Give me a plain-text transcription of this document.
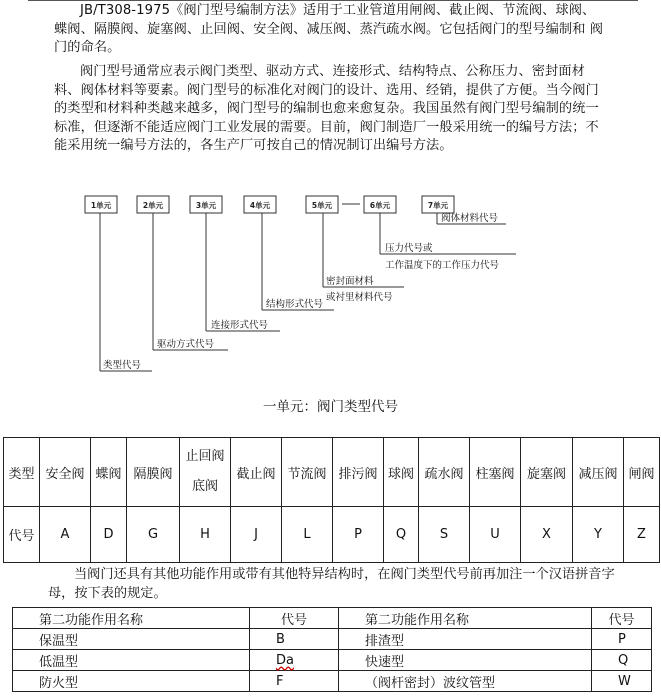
JB/T308-1975《阀门型号编制方法》适用于工业管道用闸阀、截止阀、节流阀、球阀、 蝶阀、隔膜阀、旋塞阀、止回阀、安全阀、减压阀、蒸汽疏水阀。它包括阀门的型号编制和 阀门的命名。

阀门型号通常应表示阀门类型、驱动方式、连接形式、结构特点、公称压力、密封面材料、阀体材料等要素。阀门型号的标准化对阀门的设计、选用、经销，提供了方便。当今阀门的类型和材料种类越来越多，阀门型号的编制也愈来愈复杂。我国虽然有阀门型号编制的统一标准，但逐渐不能适应阀门工业发展的需要。目前，阀门制造厂一般采用统一的编号方法；不能采用统一编号方法的，各生产厂可按自己的情况制订出编号方法。

1单元	2单元	3单元	4单元	5单元	6单元	7单元
类型代号
驱动方式代号
连接形式代号
结构形式代号
密封面材料
或衬里材料代号
压力代号或
工作温度下的工作压力代号
阀体材料代号
一单元：阀门类型代号
类型	安全阀	蝶阀	隔膜阀	止回阀
底阀	截止阀	节流阀	排污阀	球阀	疏水阀	柱塞阀	旋塞阀	减压阀	闸阀
代号	A	D	G	H	J	L	P	Q	S	U	X	Y	Z

当阀门还具有其他功能作用或带有其他特异结构时，在阀门类型代号前再加注一个汉语拼音字母，按下表的规定。

第二功能作用名称	代号	第二功能作用名称	代号
保温型	B	排渣型	P
低温型	Da	快速型	Q
防火型	F	（阀杆密封）波纹管型	W
